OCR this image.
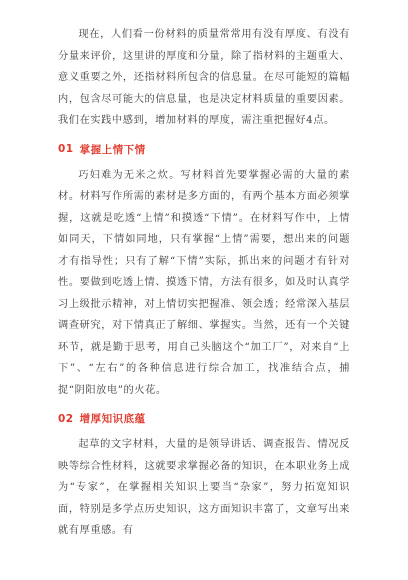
现在，人们看一份材料的质量常常用有没有厚度、有没有分量来评价，这里讲的厚度和分量，除了指材料的主题重大、意义重要之外，还指材料所包含的信息量。在尽可能短的篇幅内，包含尽可能大的信息量，也是决定材料质量的重要因素。我们在实践中感到，增加材料的厚度，需注重把握好4点。

01 掌握上情下情

巧妇难为无米之炊。写材料首先要掌握必需的大量的素材。材料写作所需的素材是多方面的，有两个基本方面必须掌握，这就是吃透“上情”和摸透“下情”。在材料写作中，上情如同天，下情如同地，只有掌握“上情”需要，想出来的问题才有指导性；只有了解“下情”实际，抓出来的问题才有针对性。要做到吃透上情、摸透下情，方法有很多，如及时认真学习上级批示精神，对上情切实把握准、领会透；经常深入基层调查研究，对下情真正了解细、掌握实。当然，还有一个关键环节，就是勤于思考，用自己头脑这个“加工厂”，对来自“上下”、“左右”的各种信息进行综合加工，找准结合点，捕捉“阴阳放电”的火花。

02 增厚知识底蕴

起草的文字材料，大量的是领导讲话、调查报告、情况反映等综合性材料，这就要求掌握必备的知识，在本职业务上成为“专家”，在掌握相关知识上要当“杂家”，努力拓宽知识面，特别是多学点历史知识，这方面知识丰富了，文章写出来就有厚重感。有
